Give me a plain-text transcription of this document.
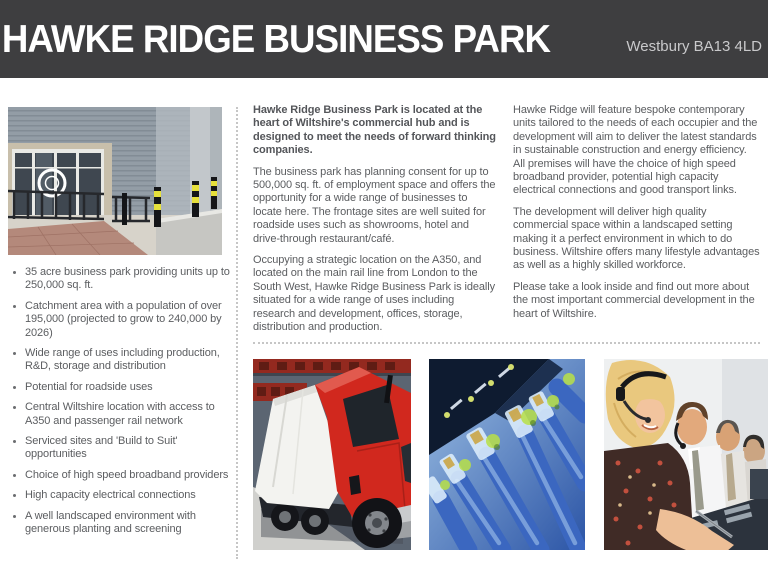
HAWKE RIDGE BUSINESS PARK	Westbury BA13 4LD
35 acre business park providing units up to 250,000 sq. ft.
Catchment area with a population of over 195,000 (projected to grow to 240,000 by 2026)
Wide range of uses including production, R&D, storage and distribution
Potential for roadside uses
Central Wiltshire location with access to A350 and passenger rail network
Serviced sites and 'Build to Suit' opportunities
Choice of high speed broadband providers
High capacity electrical connections
A well landscaped environment with generous planting and screening

Hawke Ridge Business Park is located at the heart of Wiltshire's commercial hub and is designed to meet the needs of forward thinking companies.

The business park has planning consent for up to 500,000 sq. ft. of employment space and offers the opportunity for a wide range of businesses to locate here. The frontage sites are well suited for roadside uses such as showrooms, hotel and drive-through restaurant/café.

Occupying a strategic location on the A350, and located on the main rail line from London to the South West, Hawke Ridge Business Park is ideally situated for a wide range of uses including research and development, offices, storage, distribution and production.

Hawke Ridge will feature bespoke contemporary units tailored to the needs of each occupier and the development will aim to deliver the latest standards in sustainable construction and energy efficiency. All premises will have the choice of high speed broadband provider, potential high capacity electrical connections and good transport links.

The development will deliver high quality commercial space within a landscaped setting making it a perfect environment in which to do business. Wiltshire offers many lifestyle advantages as well as a highly skilled workforce.

Please take a look inside and find out more about the most important commercial development in the heart of Wiltshire.
